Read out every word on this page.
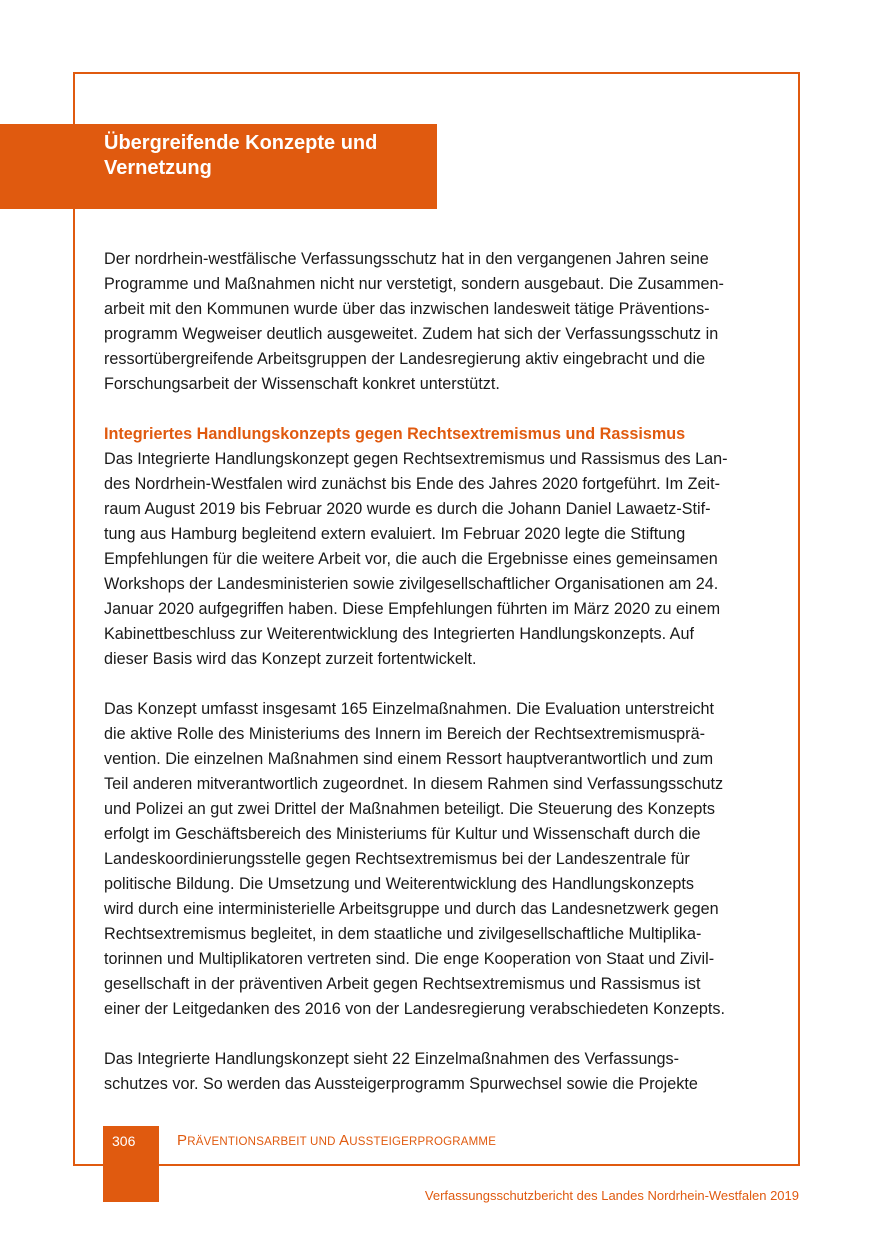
Übergreifende Konzepte und
Vernetzung
Der nordrhein-westfälische Verfassungsschutz hat in den vergangenen Jahren seine
Programme und Maßnahmen nicht nur verstetigt, sondern ausgebaut. Die Zusammen-
arbeit mit den Kommunen wurde über das inzwischen landesweit tätige Präventions-
programm Wegweiser deutlich ausgeweitet. Zudem hat sich der Verfassungsschutz in
ressortübergreifende Arbeitsgruppen der Landesregierung aktiv eingebracht und die
Forschungsarbeit der Wissenschaft konkret unterstützt.
Integriertes Handlungskonzepts gegen Rechtsextremismus und Rassismus
Das Integrierte Handlungskonzept gegen Rechtsextremismus und Rassismus des Lan-
des Nordrhein-Westfalen wird zunächst bis Ende des Jahres 2020 fortgeführt. Im Zeit-
raum August 2019 bis Februar 2020 wurde es durch die Johann Daniel Lawaetz-Stif-
tung aus Hamburg begleitend extern evaluiert. Im Februar 2020 legte die Stiftung
Empfehlungen für die weitere Arbeit vor, die auch die Ergebnisse eines gemeinsamen
Workshops der Landesministerien sowie zivilgesellschaftlicher Organisationen am 24.
Januar 2020 aufgegriffen haben. Diese Empfehlungen führten im März 2020 zu einem
Kabinettbeschluss zur Weiterentwicklung des Integrierten Handlungskonzepts. Auf
dieser Basis wird das Konzept zurzeit fortentwickelt.
Das Konzept umfasst insgesamt 165 Einzelmaßnahmen. Die Evaluation unterstreicht
die aktive Rolle des Ministeriums des Innern im Bereich der Rechtsextremismusprä-
vention. Die einzelnen Maßnahmen sind einem Ressort hauptverantwortlich und zum
Teil anderen mitverantwortlich zugeordnet. In diesem Rahmen sind Verfassungsschutz
und Polizei an gut zwei Drittel der Maßnahmen beteiligt. Die Steuerung des Konzepts
erfolgt im Geschäftsbereich des Ministeriums für Kultur und Wissenschaft durch die
Landeskoordinierungsstelle gegen Rechtsextremismus bei der Landeszentrale für
politische Bildung. Die Umsetzung und Weiterentwicklung des Handlungskonzepts
wird durch eine interministerielle Arbeitsgruppe und durch das Landesnetzwerk gegen
Rechtsextremismus begleitet, in dem staatliche und zivilgesellschaftliche Multiplika-
torinnen und Multiplikatoren vertreten sind. Die enge Kooperation von Staat und Zivil-
gesellschaft in der präventiven Arbeit gegen Rechtsextremismus und Rassismus ist
einer der Leitgedanken des 2016 von der Landesregierung verabschiedeten Konzepts.
Das Integrierte Handlungskonzept sieht 22 Einzelmaßnahmen des Verfassungs-
schutzes vor. So werden das Aussteigerprogramm Spurwechsel sowie die Projekte
306	PRÄVENTIONSARBEIT UND AUSSTEIGERPROGRAMME
Verfassungsschutzbericht des Landes Nordrhein-Westfalen 2019
